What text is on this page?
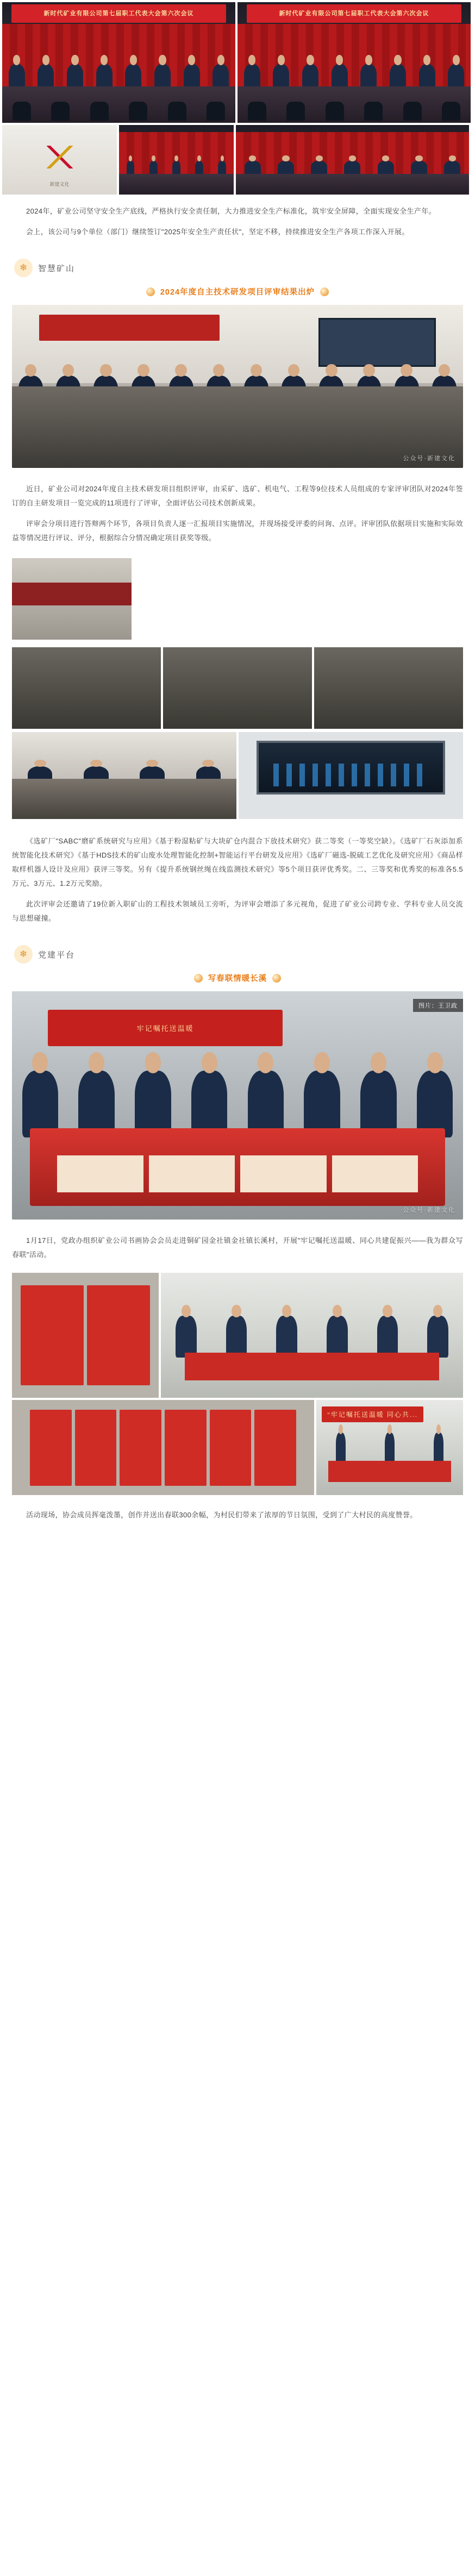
新时代矿业有限公司第七届职工代表大会第六次会议	新时代矿业有限公司第七届职工代表大会第六次会议
新建文化

2024年，矿业公司坚守安全生产底线，严格执行安全责任制，大力推进安全生产标准化，筑牢安全屏障，全面实现安全生产年。

会上，该公司与9个单位（部门）继续签订"2025年安全生产责任状"，坚定不移，持续推进安全生产各项工作深入开展。

❄	智慧矿山
2024年度自主技术研发项目评审结果出炉
公众号·新建文化

近日，矿业公司对2024年度自主技术研发项目组织评审，由采矿、选矿、机电气、工程等9位技术人员组成的专家评审团队对2024年签订的自主研发项目一览完成的11项进行了评审，全面评估公司技术创新成果。

评审会分项目进行答辩两个环节，各项目负责人逐一汇报项目实施情况，并现场接受评委的问询、点评。评审团队依据项目实施和实际效益等情况进行评议、评分，根据综合分情况确定项目获奖等级。

《选矿厂"SABC"磨矿系统研究与应用》《基于粉湿粘矿与大块矿仓内混合下放技术研究》获二等奖（一等奖空缺）。《选矿厂石灰添加系统智能化技术研究》《基于HDS技术的矿山废水处理智能化控制+智能运行平台研发及应用》《选矿厂磁选-脱硫工艺优化及研究应用》《商品样取样机器人设计及应用》获评三等奖。另有《提升系统钢丝绳在线监测技术研究》等5个项目获评优秀奖。二、三等奖和优秀奖的标准各5.5万元、3万元、1.2万元奖励。

此次评审会还邀请了19位新入职矿山的工程技术领域员工旁听，为评审会增添了多元视角，促进了矿业公司跨专业、学科专业人员交流与思想碰撞。

❄	党建平台
写春联情暖长溪
牢记嘱托送温暖
图片：王卫政
公众号·新建文化

1月17日，党政办组织矿业公司书画协会会员走进铜矿园金社镇金社镇长溪村，开展"牢记嘱托送温暖、同心共建促振兴——我为群众写春联"活动。

"牢记嘱托送温暖 同心共...

活动现场，协会成员挥毫泼墨，创作并送出春联300余幅，为村民们带来了浓厚的节日氛围，受到了广大村民的高度赞誉。
